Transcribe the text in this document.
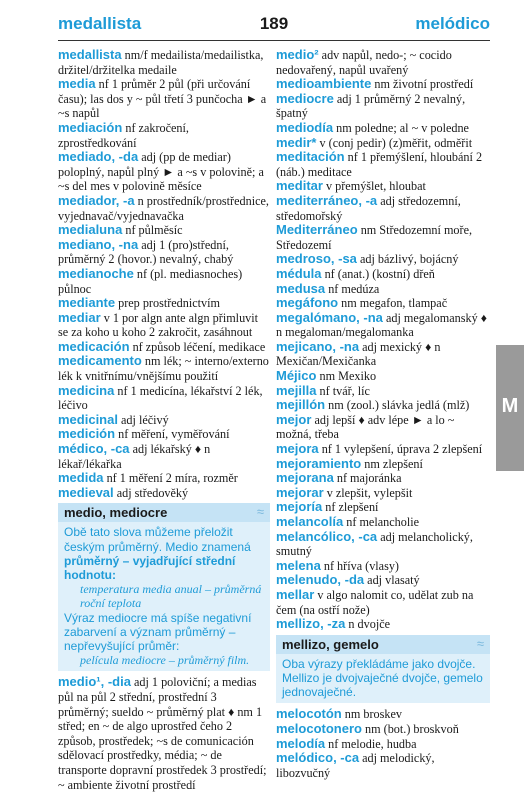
medallista	189	melódico
medallista nm/f medailista/medailistka, držitel/držitelka medaile
media nf 1 průměr 2 půl (při určování času); las dos y ~ půl třetí 3 punčocha ► a ~s napůl
mediación nf zakročení, zprostředkování
mediado, -da adj (pp de mediar) poloplný, napůl plný ► a ~s v polovině; a ~s del mes v polovině měsíce
mediador, -a n prostředník/prostřednice, vyjednavač/vyjednavačka
medialuna nf půlměsíc
mediano, -na adj 1 (pro)střední, průměrný 2 (hovor.) nevalný, chabý
medianoche nf (pl. mediasnoches) půlnoc
mediante prep prostřednictvím
mediar v 1 por algn ante algn přimluvit se za koho u koho 2 zakročit, zasáhnout
medicación nf způsob léčení, medikace
medicamento nm lék; ~ interno/externo lék k vnitřnímu/vnějšímu použití
medicina nf 1 medicína, lékařství 2 lék, léčivo
medicinal adj léčivý
medición nf měření, vyměřování
médico, -ca adj lékařský ♦ n lékař/lékařka
medida nf 1 měření 2 míra, rozměr
medieval adj středověký
medio, mediocre	≈
Obě tato slova můžeme přeložit českým průměrný. Medio znamená
průměrný – vyjadřující střední hodnotu:
temperatura media anual – průměrná roční teplota
Výraz mediocre má spíše negativní zabarvení a význam průměrný – nepřevyšující průměr:
película mediocre – průměrný film.
medio¹, -dia adj 1 poloviční; a medias půl na půl 2 střední, prostřední 3 průměrný; sueldo ~ průměrný plat ♦ nm 1 střed; en ~ de algo uprostřed čeho 2 způsob, prostředek; ~s de comunicación sdělovací prostředky, média; ~ de transporte dopravní prostředek 3 prostředí; ~ ambiente životní prostředí
medio² adv napůl, nedo-; ~ cocido nedovařený, napůl uvařený
medioambiente nm životní prostředí
mediocre adj 1 průměrný 2 nevalný, špatný
mediodía nm poledne; al ~ v poledne
medir* v (conj pedir) (z)měřit, odměřit
meditación nf 1 přemýšlení, hloubání 2 (náb.) meditace
meditar v přemýšlet, hloubat
mediterráneo, -a adj středozemní, středomořský
Mediterráneo nm Středozemní moře, Středozemí
medroso, -sa adj bázlivý, bojácný
médula nf (anat.) (kostní) dřeň
medusa nf medúza
megáfono nm megafon, tlampač
megalómano, -na adj megalomanský ♦ n megaloman/megalomanka
mejicano, -na adj mexický ♦ n Mexičan/Mexičanka
Méjico nm Mexiko
mejilla nf tvář, líc
mejillón nm (zool.) slávka jedlá (mlž)
mejor adj lepší ♦ adv lépe ► a lo ~ možná, třeba
mejora nf 1 vylepšení, úprava 2 zlepšení
mejoramiento nm zlepšení
mejorana nf majoránka
mejorar v zlepšit, vylepšit
mejoría nf zlepšení
melancolía nf melancholie
melancólico, -ca adj melancholický, smutný
melena nf hříva (vlasy)
melenudo, -da adj vlasatý
mellar v algo nalomit co, udělat zub na čem (na ostří nože)
mellizo, -za n dvojče
mellizo, gemelo	≈
Oba výrazy překládáme jako dvojče. Mellizo je dvojvaječné dvojče, gemelo jednovaječné.
melocotón nm broskev
melocotonero nm (bot.) broskvoň
melodía nf melodie, hudba
melódico, -ca adj melodický, libozvučný
M
